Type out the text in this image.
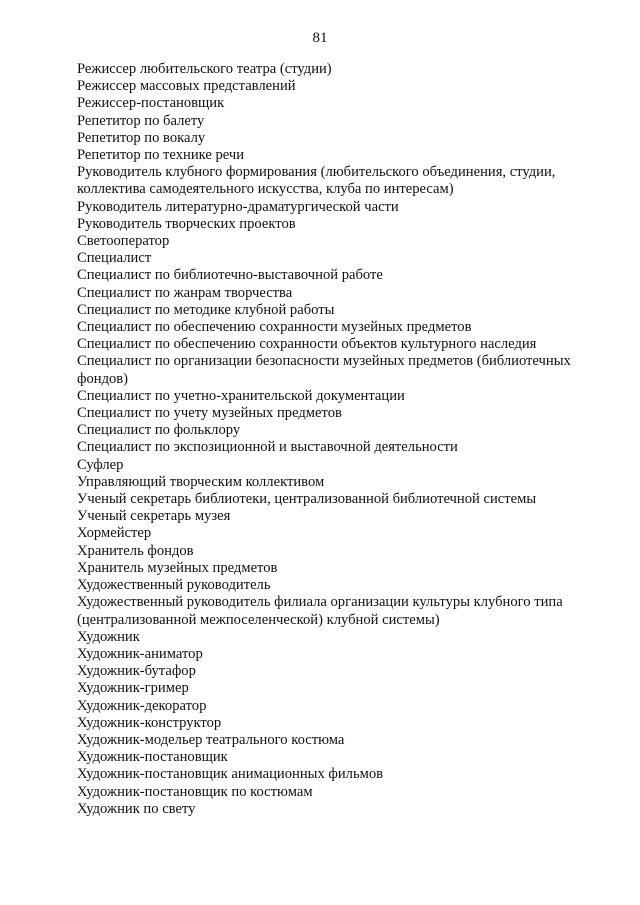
81
Режиссер любительского театра (студии)
Режиссер массовых представлений
Режиссер-постановщик
Репетитор по балету
Репетитор по вокалу
Репетитор по технике речи
Руководитель клубного формирования (любительского объединения, студии,
коллектива самодеятельного искусства, клуба по интересам)
Руководитель литературно-драматургической части
Руководитель творческих проектов
Светооператор
Специалист
Специалист по библиотечно-выставочной работе
Специалист по жанрам творчества
Специалист по методике клубной работы
Специалист по обеспечению сохранности музейных предметов
Специалист по обеспечению сохранности объектов культурного наследия
Специалист по организации безопасности музейных предметов (библиотечных
фондов)
Специалист по учетно-хранительской документации
Специалист по учету музейных предметов
Специалист по фольклору
Специалист по экспозиционной и выставочной деятельности
Суфлер
Управляющий творческим коллективом
Ученый секретарь библиотеки, централизованной библиотечной системы
Ученый секретарь музея
Хормейстер
Хранитель фондов
Хранитель музейных предметов
Художественный руководитель
Художественный руководитель филиала организации культуры клубного типа
(централизованной межпоселенческой) клубной системы)
Художник
Художник-аниматор
Художник-бутафор
Художник-гример
Художник-декоратор
Художник-конструктор
Художник-модельер театрального костюма
Художник-постановщик
Художник-постановщик анимационных фильмов
Художник-постановщик по костюмам
Художник по свету
